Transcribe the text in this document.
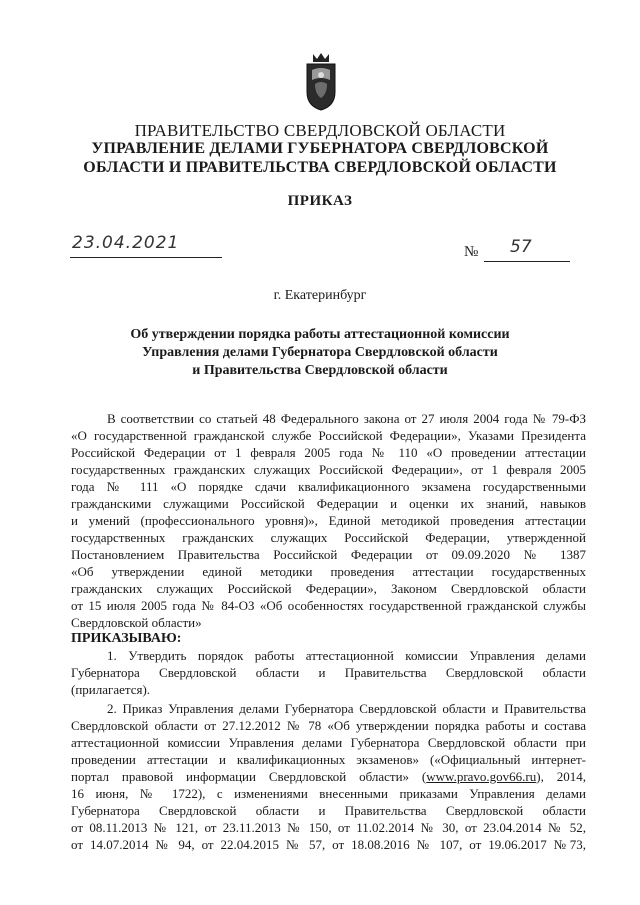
ПРАВИТЕЛЬСТВО СВЕРДЛОВСКОЙ ОБЛАСТИ
УПРАВЛЕНИЕ ДЕЛАМИ ГУБЕРНАТОРА СВЕРДЛОВСКОЙ
ОБЛАСТИ И ПРАВИТЕЛЬСТВА СВЕРДЛОВСКОЙ ОБЛАСТИ
ПРИКАЗ
23.04.2021	№ 57
г. Екатеринбург
Об утверждении порядка работы аттестационной комиссии
Управления делами Губернатора Свердловской области
и Правительства Свердловской области
В соответствии со статьей 48 Федерального закона от 27 июля 2004 года № 79-ФЗ
«О государственной гражданской службе Российской Федерации», Указами Президента
Российской Федерации от 1 февраля 2005 года № 110 «О проведении аттестации
государственных гражданских служащих Российской Федерации», от 1 февраля 2005
года № 111 «О порядке сдачи квалификационного экзамена государственными
гражданскими служащими Российской Федерации и оценки их знаний, навыков
и умений (профессионального уровня)», Единой методикой проведения аттестации
государственных гражданских служащих Российской Федерации, утвержденной
Постановлением Правительства Российской Федерации от 09.09.2020 № 1387
«Об утверждении единой методики проведения аттестации государственных
гражданских служащих Российской Федерации», Законом Свердловской области
от 15 июля 2005 года № 84-ОЗ «Об особенностях государственной гражданской службы
Свердловской области»
ПРИКАЗЫВАЮ:
1. Утвердить порядок работы аттестационной комиссии Управления делами
Губернатора Свердловской области и Правительства Свердловской области
(прилагается).
2. Приказ Управления делами Губернатора Свердловской области и Правительства
Свердловской области от 27.12.2012 № 78 «Об утверждении порядка работы и состава
аттестационной комиссии Управления делами Губернатора Свердловской области при
проведении аттестации и квалификационных экзаменов» («Официальный интернет-
портал правовой информации Свердловской области» (www.pravo.gov66.ru), 2014,
16 июня, № 1722), с изменениями внесенными приказами Управления делами
Губернатора Свердловской области и Правительства Свердловской области
от 08.11.2013 № 121, от 23.11.2013 № 150, от 11.02.2014 № 30, от 23.04.2014 № 52,
от 14.07.2014 № 94, от 22.04.2015 № 57, от 18.08.2016 № 107, от 19.06.2017 №73,
